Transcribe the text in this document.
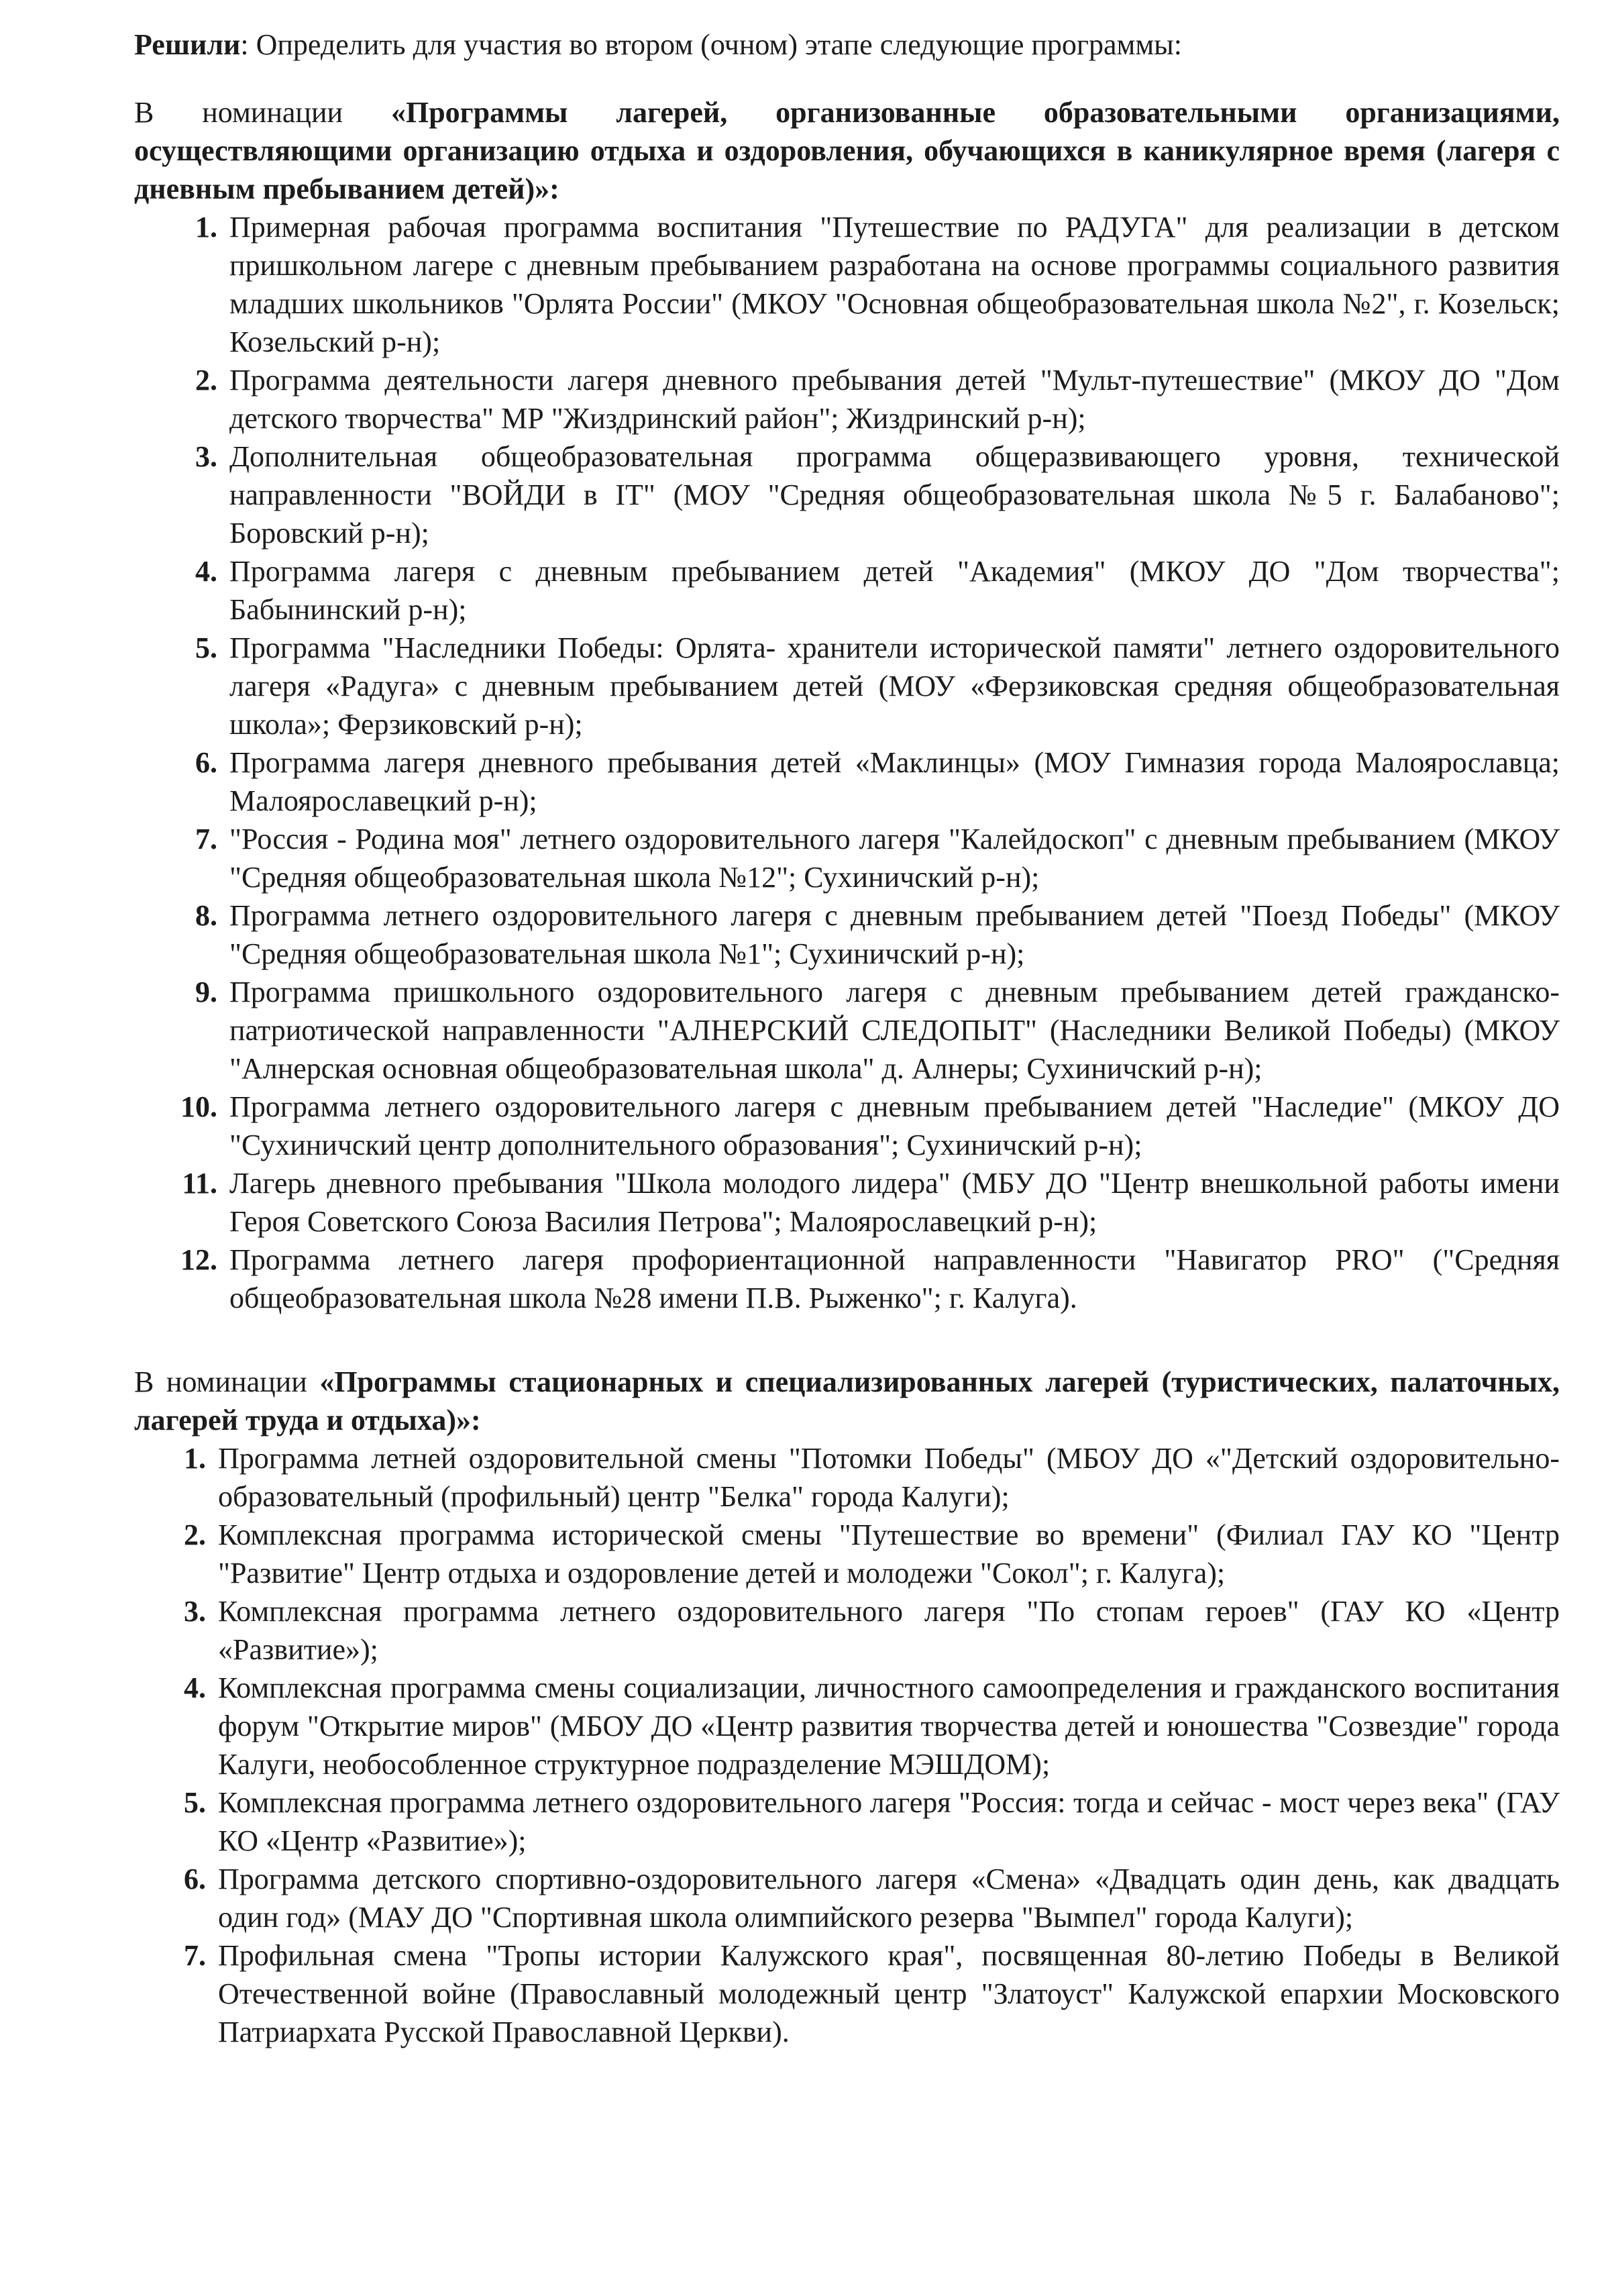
Решили: Определить для участия во втором (очном) этапе следующие программы:

В номинации «Программы лагерей, организованные образовательными организациями, осуществляющими организацию отдыха и оздоровления, обучающихся в каникулярное время (лагеря с дневным пребыванием детей)»:

1. Примерная рабочая программа воспитания "Путешествие по РАДУГА" для реализации в детском пришкольном лагере с дневным пребыванием разработана на основе программы социального развития младших школьников "Орлята России" (МКОУ "Основная общеобразовательная школа №2", г. Козельск; Козельский р-н);
2. Программа деятельности лагеря дневного пребывания детей "Мульт-путешествие" (МКОУ ДО "Дом детского творчества" МР "Жиздринский район"; Жиздринский р-н);
3. Дополнительная общеобразовательная программа общеразвивающего уровня, технической направленности "ВОЙДИ в IT" (МОУ "Средняя общеобразовательная школа №5 г. Балабаново"; Боровский р-н);
4. Программа лагеря с дневным пребыванием детей "Академия" (МКОУ ДО "Дом творчества"; Бабынинский р-н);
5. Программа "Наследники Победы: Орлята- хранители исторической памяти" летнего оздоровительного лагеря «Радуга» с дневным пребыванием детей (МОУ «Ферзиковская средняя общеобразовательная школа»; Ферзиковский р-н);
6. Программа лагеря дневного пребывания детей «Маклинцы» (МОУ Гимназия города Малоярославца; Малоярославецкий р-н);
7. "Россия - Родина моя" летнего оздоровительного лагеря "Калейдоскоп" с дневным пребыванием (МКОУ "Средняя общеобразовательная школа №12"; Сухиничский р-н);
8. Программа летнего оздоровительного лагеря с дневным пребыванием детей "Поезд Победы" (МКОУ "Средняя общеобразовательная школа №1"; Сухиничский р-н);
9. Программа пришкольного оздоровительного лагеря с дневным пребыванием детей гражданско-патриотической направленности "АЛНЕРСКИЙ СЛЕДОПЫТ" (Наследники Великой Победы) (МКОУ "Алнерская основная общеобразовательная школа" д. Алнеры; Сухиничский р-н);
10. Программа летнего оздоровительного лагеря с дневным пребыванием детей "Наследие" (МКОУ ДО "Сухиничский центр дополнительного образования"; Сухиничский р-н);
11. Лагерь дневного пребывания "Школа молодого лидера" (МБУ ДО "Центр внешкольной работы имени Героя Советского Союза Василия Петрова"; Малоярославецкий р-н);
12. Программа летнего лагеря профориентационной направленности "Навигатор PRO" ("Средняя общеобразовательная школа №28 имени П.В. Рыженко"; г. Калуга).

В номинации «Программы стационарных и специализированных лагерей (туристических, палаточных, лагерей труда и отдыха)»:

1. Программа летней оздоровительной смены "Потомки Победы" (МБОУ ДО «"Детский оздоровительно-образовательный (профильный) центр "Белка" города Калуги);
2. Комплексная программа исторической смены "Путешествие во времени" (Филиал ГАУ КО "Центр "Развитие" Центр отдыха и оздоровление детей и молодежи "Сокол"; г. Калуга);
3. Комплексная программа летнего оздоровительного лагеря "По стопам героев" (ГАУ КО «Центр «Развитие»);
4. Комплексная программа смены социализации, личностного самоопределения и гражданского воспитания форум "Открытие миров" (МБОУ ДО «Центр развития творчества детей и юношества "Созвездие" города Калуги, необособленное структурное подразделение МЭШДОМ);
5. Комплексная программа летнего оздоровительного лагеря "Россия: тогда и сейчас - мост через века" (ГАУ КО «Центр «Развитие»);
6. Программа детского спортивно-оздоровительного лагеря «Смена» «Двадцать один день, как двадцать один год» (МАУ ДО "Спортивная школа олимпийского резерва "Вымпел" города Калуги);
7. Профильная смена "Тропы истории Калужского края", посвященная 80-летию Победы в Великой Отечественной войне (Православный молодежный центр "Златоуст" Калужской епархии Московского Патриархата Русской Православной Церкви).
